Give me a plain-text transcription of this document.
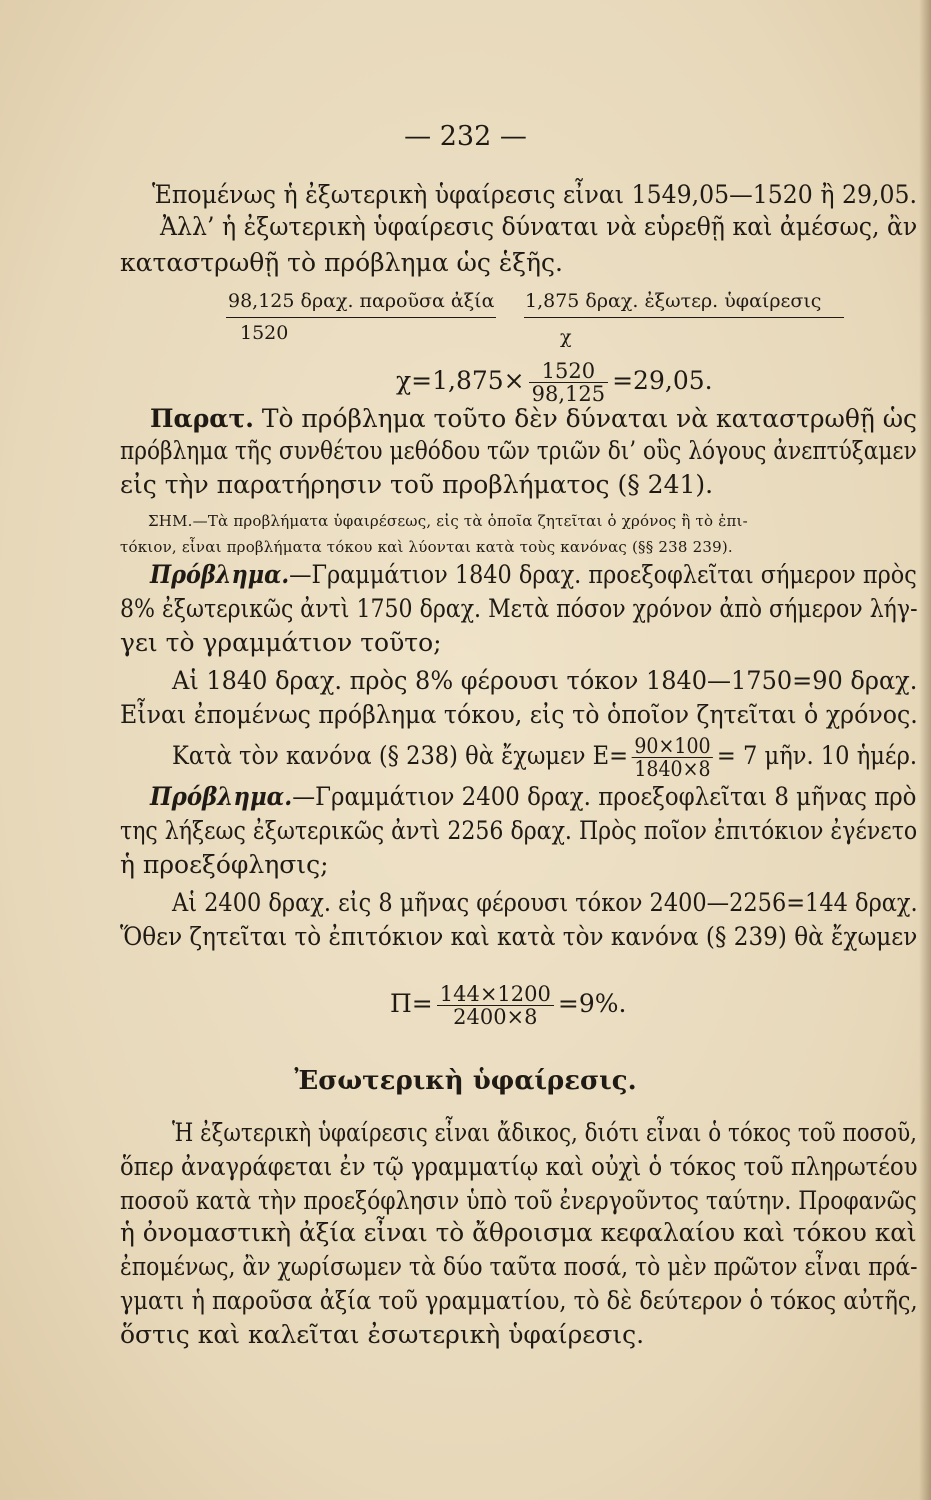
— 232 —
Ἑπομένως ἡ ἐξωτερικὴ ὑφαίρεσις εἶναι 1549,05—1520 ἢ 29,05.
Ἀλλ’ ἡ ἐξωτερικὴ ὑφαίρεσις δύναται νὰ εὑρεθῇ καὶ ἀμέσως, ἂν
καταστρωθῇ τὸ πρόβλημα ὡς ἑξῆς.
98,125 δραχ. παροῦσα ἀξία 1,875 δραχ. ἐξωτερ. ὑφαίρεσις
1520	χ
$\chi=1,875\times \frac{1520}{98,125} =29,05$.
Παρατ. Τὸ πρόβλημα τοῦτο δὲν δύναται νὰ καταστρωθῇ ὡς
πρόβλημα τῆς συνθέτου μεθόδου τῶν τριῶν δι’ οὓς λόγους ἀνεπτύξαμεν
εἰς τὴν παρατήρησιν τοῦ προβλήματος (§ 241).
ΣΗΜ.—Τὰ προβλήματα ὑφαιρέσεως, εἰς τὰ ὁποῖα ζητεῖται ὁ χρόνος ἢ τὸ ἐπι-
τόκιον, εἶναι προβλήματα τόκου καὶ λύονται κατὰ τοὺς κανόνας (§§ 238 239).
Πρόβλημα.—Γραμμάτιον 1840 δραχ. προεξοφλεῖται σήμερον πρὸς
8% ἐξωτερικῶς ἀντὶ 1750 δραχ. Μετὰ πόσον χρόνον ἀπὸ σήμερον λήγ-
γει τὸ γραμμάτιον τοῦτο;
Αἱ 1840 δραχ. πρὸς 8% φέρουσι τόκον 1840—1750=90 δραχ.
Εἶναι ἐπομένως πρόβλημα τόκου, εἰς τὸ ὁποῖον ζητεῖται ὁ χρόνος.
Κατὰ τὸν κανόνα (§ 238) θὰ ἔχωμεν $E= \frac{90\times 100}{1840\times 8} = 7$ μῆν. 10 ἡμέρ.
Πρόβλημα.—Γραμμάτιον 2400 δραχ. προεξοφλεῖται 8 μῆνας πρὸ
της λήξεως ἐξωτερικῶς ἀντὶ 2256 δραχ. Πρὸς ποῖον ἐπιτόκιον ἐγένετο
ἡ προεξόφλησις;
Αἱ 2400 δραχ. εἰς 8 μῆνας φέρουσι τόκον 2400—2256=144 δραχ.
Ὅθεν ζητεῖται τὸ ἐπιτόκιον καὶ κατὰ τὸν κανόνα (§ 239) θὰ ἔχωμεν
$\Pi= \frac{144\times 1200}{2400\times 8} =9\%$.
Ἐσωτερικὴ ὑφαίρεσις.
Ἡ ἐξωτερικὴ ὑφαίρεσις εἶναι ἄδικος, διότι εἶναι ὁ τόκος τοῦ ποσοῦ,
ὅπερ ἀναγράφεται ἐν τῷ γραμματίῳ καὶ οὐχὶ ὁ τόκος τοῦ πληρωτέου
ποσοῦ κατὰ τὴν προεξόφλησιν ὑπὸ τοῦ ἐνεργοῦντος ταύτην. Προφανῶς
ἡ ὀνομαστικὴ ἀξία εἶναι τὸ ἄθροισμα κεφαλαίου καὶ τόκου καὶ
ἐπομένως, ἂν χωρίσωμεν τὰ δύο ταῦτα ποσά, τὸ μὲν πρῶτον εἶναι πρά-
γματι ἡ παροῦσα ἀξία τοῦ γραμματίου, τὸ δὲ δεύτερον ὁ τόκος αὐτῆς,
ὅστις καὶ καλεῖται ἐσωτερικὴ ὑφαίρεσις.
